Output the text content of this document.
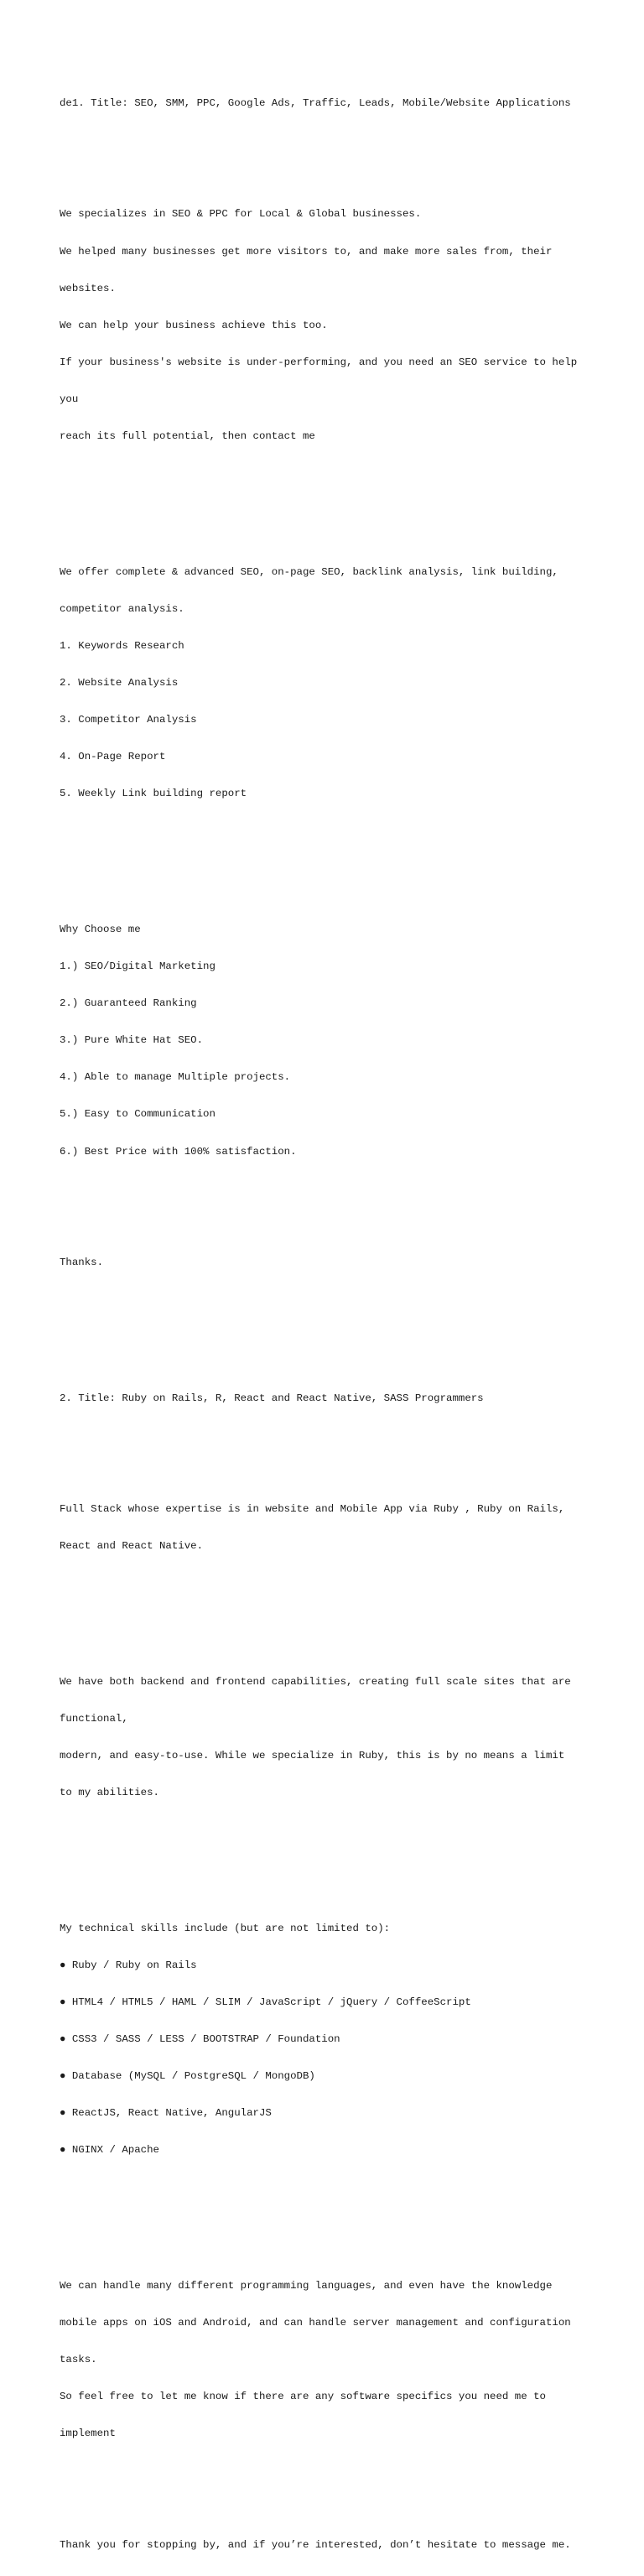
de1. Title: SEO, SMM, PPC, Google Ads, Traffic, Leads, Mobile/Website Applications

We specializes in SEO & PPC for Local & Global businesses.

We helped many businesses get more visitors to, and make more sales from, their

websites.

We can help your business achieve this too.

If your business's website is under-performing, and you need an SEO service to help

you

reach its full potential, then contact me

We offer complete & advanced SEO, on-page SEO, backlink analysis, link building,

competitor analysis.

1. Keywords Research

2. Website Analysis

3. Competitor Analysis

4. On-Page Report

5. Weekly Link building report

Why Choose me

1.) SEO/Digital Marketing

2.) Guaranteed Ranking

3.) Pure White Hat SEO.

4.) Able to manage Multiple projects.

5.) Easy to Communication

6.) Best Price with 100% satisfaction.

Thanks.

2. Title: Ruby on Rails, R, React and React Native, SASS Programmers

Full Stack whose expertise is in website and Mobile App via Ruby , Ruby on Rails,

React and React Native.

We have both backend and frontend capabilities, creating full scale sites that are

functional,

modern, and easy-to-use. While we specialize in Ruby, this is by no means a limit

to my abilities.

My technical skills include (but are not limited to):

● Ruby / Ruby on Rails

● HTML4 / HTML5 / HAML / SLIM / JavaScript / jQuery / CoffeeScript

● CSS3 / SASS / LESS / BOOTSTRAP / Foundation

● Database (MySQL / PostgreSQL / MongoDB)

● ReactJS, React Native, AngularJS

● NGINX / Apache

We can handle many different programming languages, and even have the knowledge

mobile apps on iOS and Android, and can handle server management and configuration

tasks.

So feel free to let me know if there are any software specifics you need me to

implement

Thank you for stopping by, and if you’re interested, don’t hesitate to message me.
